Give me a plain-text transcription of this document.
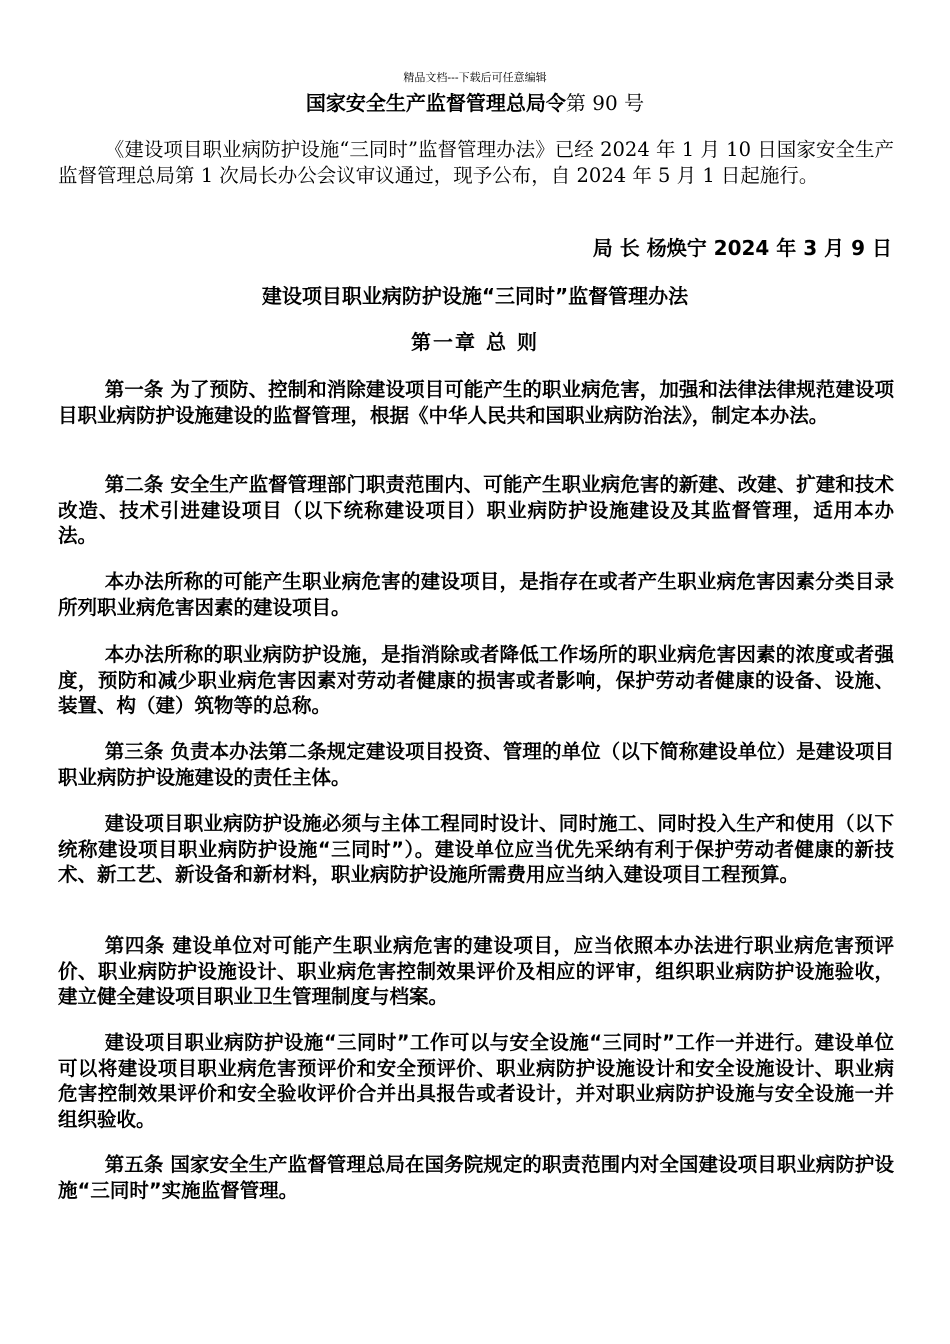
精品文档---下载后可任意编辑
国家安全生产监督管理总局令第 90 号

《建设项目职业病防护设施“三同时”监督管理办法》已经 2024 年 1 月 10 日国家安全生产监督管理总局第 1 次局长办公会议审议通过，现予公布，自 2024 年 5 月 1 日起施行。

局 长 杨焕宁 2024 年 3 月 9 日
建设项目职业病防护设施“三同时”监督管理办法
第一章 总 则

第一条 为了预防、控制和消除建设项目可能产生的职业病危害，加强和法律法律规范建设项目职业病防护设施建设的监督管理，根据《中华人民共和国职业病防治法》，制定本办法。

第二条 安全生产监督管理部门职责范围内、可能产生职业病危害的新建、改建、扩建和技术改造、技术引进建设项目（以下统称建设项目）职业病防护设施建设及其监督管理，适用本办法。

本办法所称的可能产生职业病危害的建设项目，是指存在或者产生职业病危害因素分类目录所列职业病危害因素的建设项目。

本办法所称的职业病防护设施，是指消除或者降低工作场所的职业病危害因素的浓度或者强度，预防和减少职业病危害因素对劳动者健康的损害或者影响，保护劳动者健康的设备、设施、装置、构（建）筑物等的总称。

第三条 负责本办法第二条规定建设项目投资、管理的单位（以下简称建设单位）是建设项目职业病防护设施建设的责任主体。

建设项目职业病防护设施必须与主体工程同时设计、同时施工、同时投入生产和使用（以下统称建设项目职业病防护设施“三同时”）。建设单位应当优先采纳有利于保护劳动者健康的新技术、新工艺、新设备和新材料，职业病防护设施所需费用应当纳入建设项目工程预算。

第四条 建设单位对可能产生职业病危害的建设项目，应当依照本办法进行职业病危害预评价、职业病防护设施设计、职业病危害控制效果评价及相应的评审，组织职业病防护设施验收，建立健全建设项目职业卫生管理制度与档案。

建设项目职业病防护设施“三同时”工作可以与安全设施“三同时”工作一并进行。建设单位可以将建设项目职业病危害预评价和安全预评价、职业病防护设施设计和安全设施设计、职业病危害控制效果评价和安全验收评价合并出具报告或者设计，并对职业病防护设施与安全设施一并组织验收。

第五条 国家安全生产监督管理总局在国务院规定的职责范围内对全国建设项目职业病防护设施“三同时”实施监督管理。
